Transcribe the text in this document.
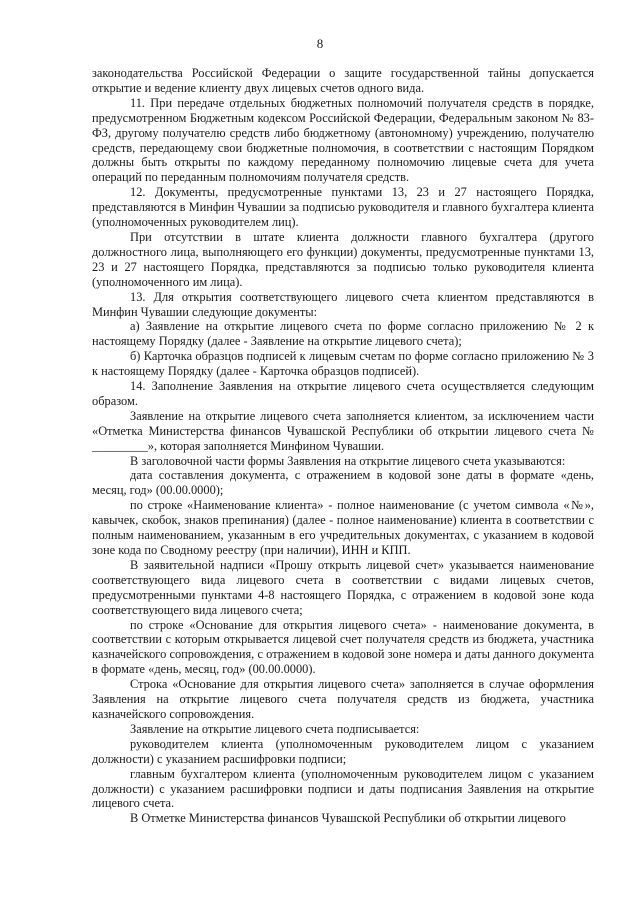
8

законодательства Российской Федерации о защите государственной тайны допускается открытие и ведение клиенту двух лицевых счетов одного вида.

11. При передаче отдельных бюджетных полномочий получателя средств в порядке, предусмотренном Бюджетным кодексом Российской Федерации, Федеральным законом № 83-ФЗ, другому получателю средств либо бюджетному (автономному) учреждению, получателю средств, передающему свои бюджетные полномочия, в соответствии с настоящим Порядком должны быть открыты по каждому переданному полномочию лицевые счета для учета операций по переданным полномочиям получателя средств.

12. Документы, предусмотренные пунктами 13, 23 и 27 настоящего Порядка, представляются в Минфин Чувашии за подписью руководителя и главного бухгалтера клиента (уполномоченных руководителем лиц).

При отсутствии в штате клиента должности главного бухгалтера (другого должностного лица, выполняющего его функции) документы, предусмотренные пунктами 13, 23 и 27 настоящего Порядка, представляются за подписью только руководителя клиента (уполномоченного им лица).

13. Для открытия соответствующего лицевого счета клиентом представляются в Минфин Чувашии следующие документы:

а) Заявление на открытие лицевого счета по форме согласно приложению № 2 к настоящему Порядку (далее - Заявление на открытие лицевого счета);

б) Карточка образцов подписей к лицевым счетам по форме согласно приложению № 3 к настоящему Порядку (далее - Карточка образцов подписей).

14. Заполнение Заявления на открытие лицевого счета осуществляется следующим образом.

Заявление на открытие лицевого счета заполняется клиентом, за исключением части «Отметка Министерства финансов Чувашской Республики об открытии лицевого счета № _________», которая заполняется Минфином Чувашии.

В заголовочной части формы Заявления на открытие лицевого счета указываются:

дата составления документа, с отражением в кодовой зоне даты в формате «день, месяц, год» (00.00.0000);

по строке «Наименование клиента» - полное наименование (с учетом символа «№», кавычек, скобок, знаков препинания) (далее - полное наименование) клиента в соответствии с полным наименованием, указанным в его учредительных документах, с указанием в кодовой зоне кода по Сводному реестру (при наличии), ИНН и КПП.

В заявительной надписи «Прошу открыть лицевой счет» указывается наименование соответствующего вида лицевого счета в соответствии с видами лицевых счетов, предусмотренными пунктами 4-8 настоящего Порядка, с отражением в кодовой зоне кода соответствующего вида лицевого счета;

по строке «Основание для открытия лицевого счета» - наименование документа, в соответствии с которым открывается лицевой счет получателя средств из бюджета, участника казначейского сопровождения, с отражением в кодовой зоне номера и даты данного документа в формате «день, месяц, год» (00.00.0000).

Строка «Основание для открытия лицевого счета» заполняется в случае оформления Заявления на открытие лицевого счета получателя средств из бюджета, участника казначейского сопровождения.

Заявление на открытие лицевого счета подписывается:

руководителем клиента (уполномоченным руководителем лицом с указанием должности) с указанием расшифровки подписи;

главным бухгалтером клиента (уполномоченным руководителем лицом с указанием должности) с указанием расшифровки подписи и даты подписания Заявления на открытие лицевого счета.

В Отметке Министерства финансов Чувашской Республики об открытии лицевого
